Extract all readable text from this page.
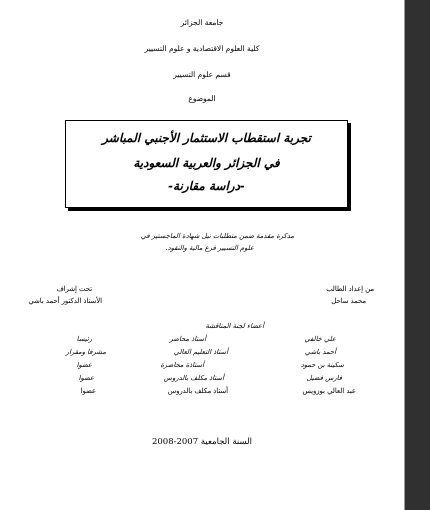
جامعة الجزائر
كلية العلوم الاقتصادية و علوم التسيير
قسم علوم التسيير
الموضوع
تجربة استقطاب الاستثمار الأجنبي المباشر
في الجزائر والعربية السعودية
-دراسة مقارنة-
مذكرة مقدمة ضمن متطلبات نيل شهادة الماجستير في
علوم التسيير فرع مالية والنقود.
من إعداد الطالب
محمد ساحل
تحت إشراف
الأستاذ الدكتور أحمد باشي
أعضاء لجنة المناقشة
علي خالفي
أستاذ محاضر
رئيسا
أحمد باشي
أستاذ التعليم العالي
مشرفا ومقرار
سكينة بن حمود
أستاذة محاضرة
عضوا
فارس فضيل
أستاذ مكلف بالدروس
عضوا
عبد العالي بوزويس
أستاذ مكلف بالدروس
عضوا
السنة الجامعية 2007-2008
